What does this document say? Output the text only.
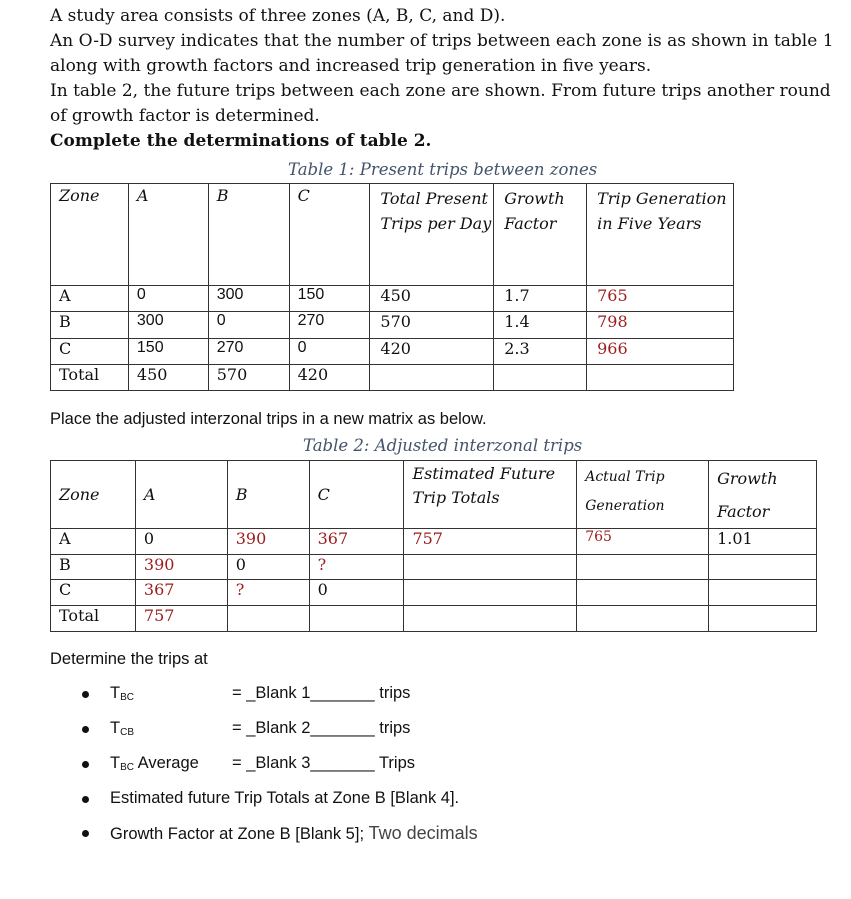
A study area consists of three zones (A, B, C, and D).

An O-D survey indicates that the number of trips between each zone is as shown in table 1 along with growth factors and increased trip generation in five years.

In table 2, the future trips between each zone are shown. From future trips another round of growth factor is determined.

Complete the determinations of table 2.

Table 1: Present trips between zones
Zone	A	B	C	Total Present Trips per Day	Growth Factor	Trip Generation in Five Years
A	0	300	150	450	1.7	765
B	300	0	270	570	1.4	798
C	150	270	0	420	2.3	966
Total	450	570	420			
Place the adjusted interzonal trips in a new matrix as below.
Table 2: Adjusted interzonal trips
Zone	A	B	C	Estimated Future Trip Totals	Actual Trip Generation	Growth Factor
A	0	390	367	757	765	1.01
B	390	0	?			
C	367	?	0			
Total	757					
Determine the trips at
$T_{BC}$	= _Blank 1_______ trips
$T_{CB}$	= _Blank 2_______ trips
$T_{BC}$ Average = _Blank 3_______ Trips
Estimated future Trip Totals at Zone B [Blank 4].
Growth Factor at Zone B [Blank 5]; Two decimals
